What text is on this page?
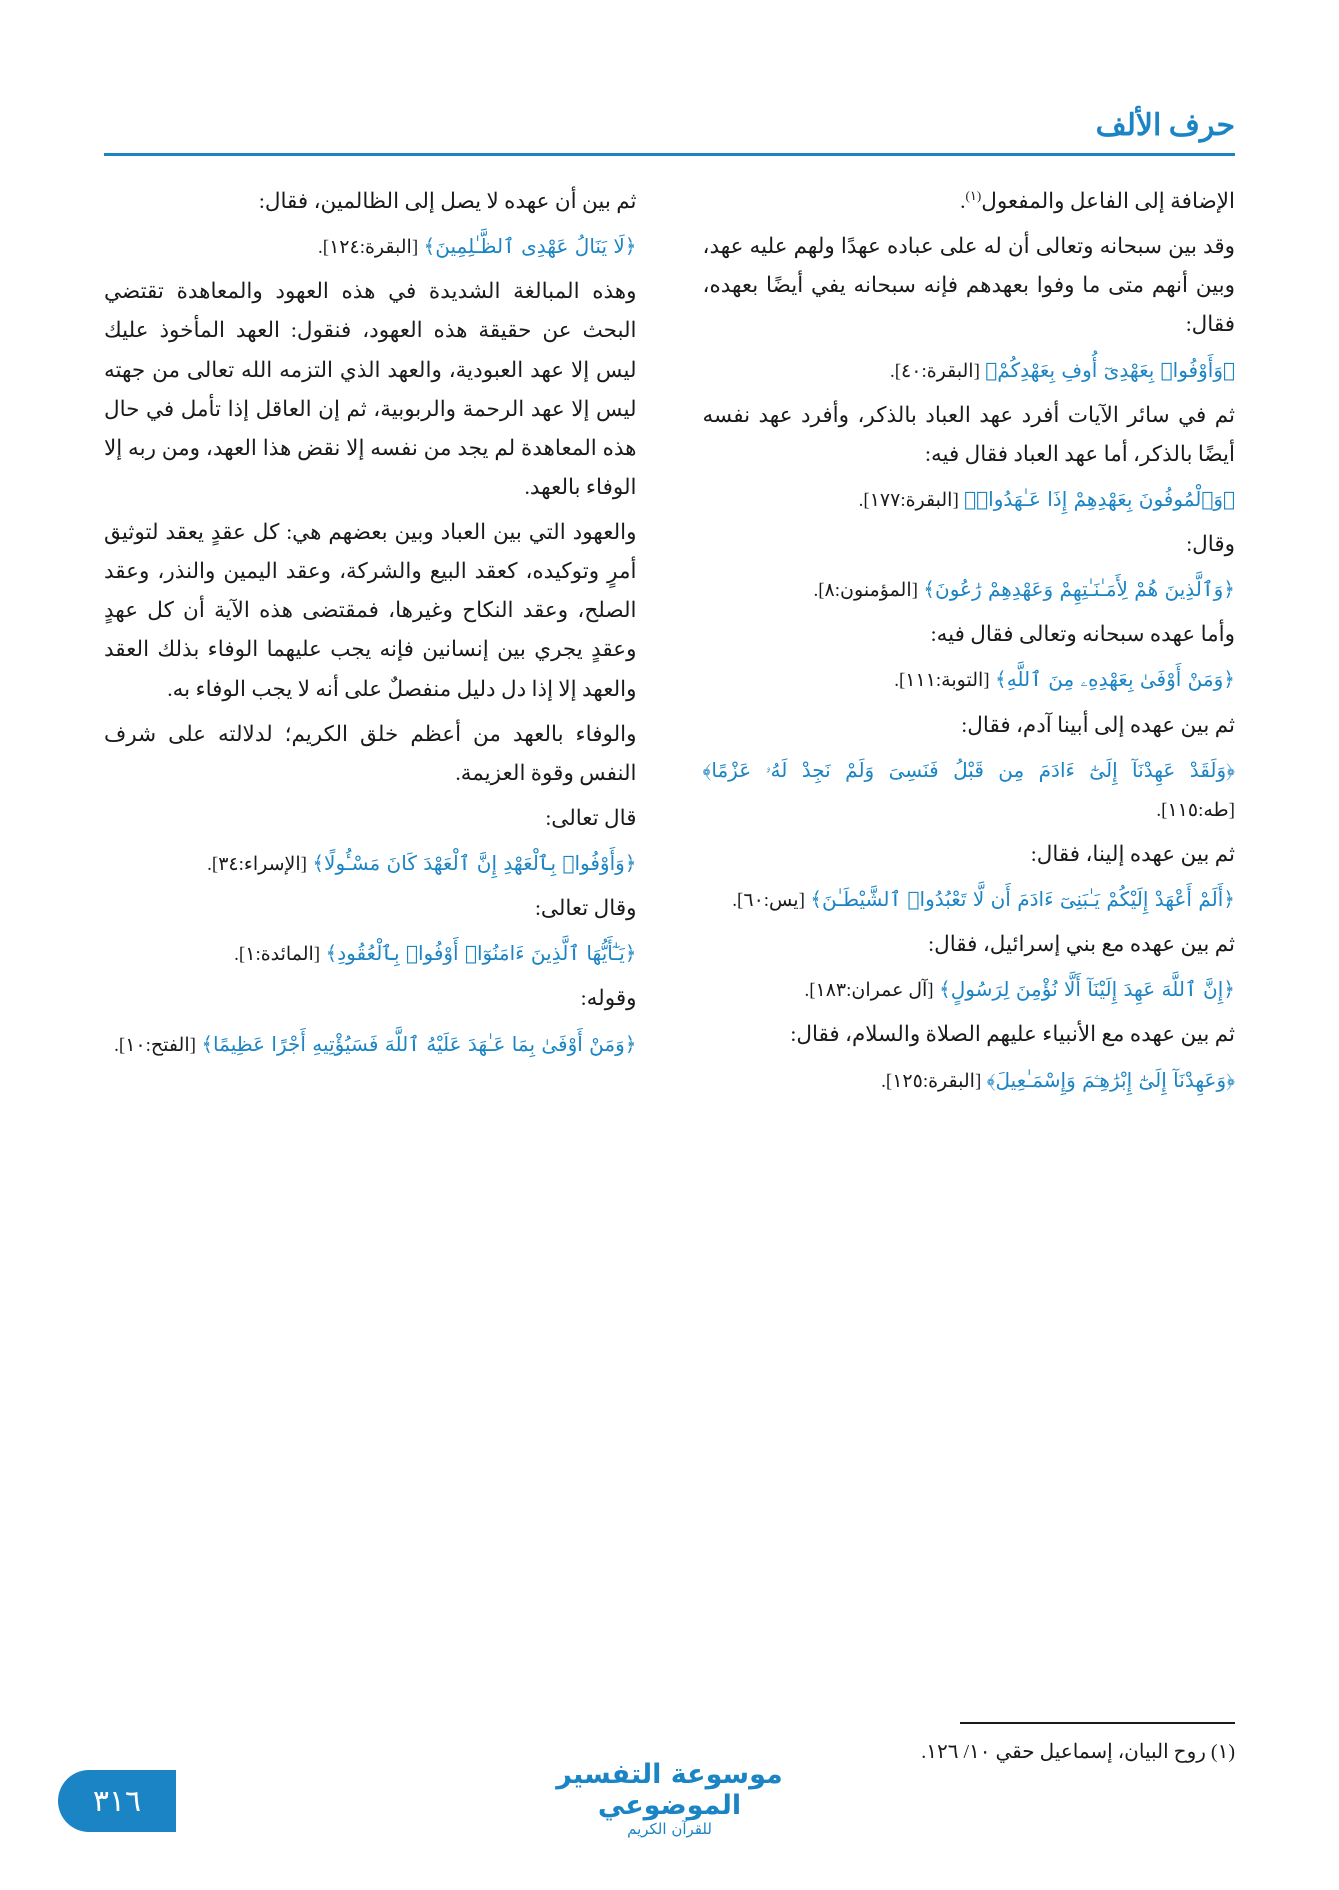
حرف الألف

الإضافة إلى الفاعل والمفعول$^{(١)}$.

وقد بين سبحانه وتعالى أن له على عباده عهدًا ولهم عليه عهد، وبين أنهم متى ما وفوا بعهدهم فإنه سبحانه يفي أيضًا بعهده، فقال:

﴿وَأَوْفُوا۟ بِعَهْدِىٓ أُوفِ بِعَهْدِكُمْ﴾ [البقرة:٤٠].

ثم في سائر الآيات أفرد عهد العباد بالذكر، وأفرد عهد نفسه أيضًا بالذكر، أما عهد العباد فقال فيه:

﴿وَٱلْمُوفُونَ بِعَهْدِهِمْ إِذَا عَـٰهَدُوا۟﴾ [البقرة:١٧٧].

وقال:

﴿وَٱلَّذِينَ هُمْ لِأَمَـٰنَـٰتِهِمْ وَعَهْدِهِمْ رَٰعُونَ﴾ [المؤمنون:٨].

وأما عهده سبحانه وتعالى فقال فيه:

﴿وَمَنْ أَوْفَىٰ بِعَهْدِهِۦ مِنَ ٱللَّهِ﴾ [التوبة:١١١].

ثم بين عهده إلى أبينا آدم، فقال:

﴿وَلَقَدْ عَهِدْنَآ إِلَىٰٓ ءَادَمَ مِن قَبْلُ فَنَسِىَ وَلَمْ نَجِدْ لَهُۥ عَزْمًا﴾ [طه:١١٥].

ثم بين عهده إلينا، فقال:

﴿أَلَمْ أَعْهَدْ إِلَيْكُمْ يَـٰبَنِىٓ ءَادَمَ أَن لَّا تَعْبُدُوا۟ ٱلشَّيْطَـٰنَ﴾ [يس:٦٠].

ثم بين عهده مع بني إسرائيل، فقال:

﴿إِنَّ ٱللَّهَ عَهِدَ إِلَيْنَآ أَلَّا نُؤْمِنَ لِرَسُولٍ﴾ [آل عمران:١٨٣].

ثم بين عهده مع الأنبياء عليهم الصلاة والسلام، فقال:

﴿وَعَهِدْنَآ إِلَىٰٓ إِبْرَٰهِـۧمَ وَإِسْمَـٰعِيلَ﴾ [البقرة:١٢٥].

(١) روح البيان، إسماعيل حقي ١٠/ ١٢٦.

ثم بين أن عهده لا يصل إلى الظالمين، فقال:

﴿لَا يَنَالُ عَهْدِى ٱلظَّـٰلِمِينَ﴾ [البقرة:١٢٤].

وهذه المبالغة الشديدة في هذه العهود والمعاهدة تقتضي البحث عن حقيقة هذه العهود، فنقول: العهد المأخوذ عليك ليس إلا عهد العبودية، والعهد الذي التزمه الله تعالى من جهته ليس إلا عهد الرحمة والربوبية، ثم إن العاقل إذا تأمل في حال هذه المعاهدة لم يجد من نفسه إلا نقض هذا العهد، ومن ربه إلا الوفاء بالعهد.

والعهود التي بين العباد وبين بعضهم هي: كل عقدٍ يعقد لتوثيق أمرٍ وتوكيده، كعقد البيع والشركة، وعقد اليمين والنذر، وعقد الصلح، وعقد النكاح وغيرها، فمقتضى هذه الآية أن كل عهدٍ وعقدٍ يجري بين إنسانين فإنه يجب عليهما الوفاء بذلك العقد والعهد إلا إذا دل دليل منفصلٌ على أنه لا يجب الوفاء به.

والوفاء بالعهد من أعظم خلق الكريم؛ لدلالته على شرف النفس وقوة العزيمة.

قال تعالى:

﴿وَأَوْفُوا۟ بِٱلْعَهْدِ إِنَّ ٱلْعَهْدَ كَانَ مَسْـُٔولًا﴾ [الإسراء:٣٤].

وقال تعالى:

﴿يَـٰٓأَيُّهَا ٱلَّذِينَ ءَامَنُوٓا۟ أَوْفُوا۟ بِٱلْعُقُودِ﴾ [المائدة:١].

وقوله:

﴿وَمَنْ أَوْفَىٰ بِمَا عَـٰهَدَ عَلَيْهُ ٱللَّهَ فَسَيُؤْتِيهِ أَجْرًا عَظِيمًا﴾ [الفتح:١٠].

موسوعة التفسير الموضوعي
للقرآن الكريم
٣١٦
